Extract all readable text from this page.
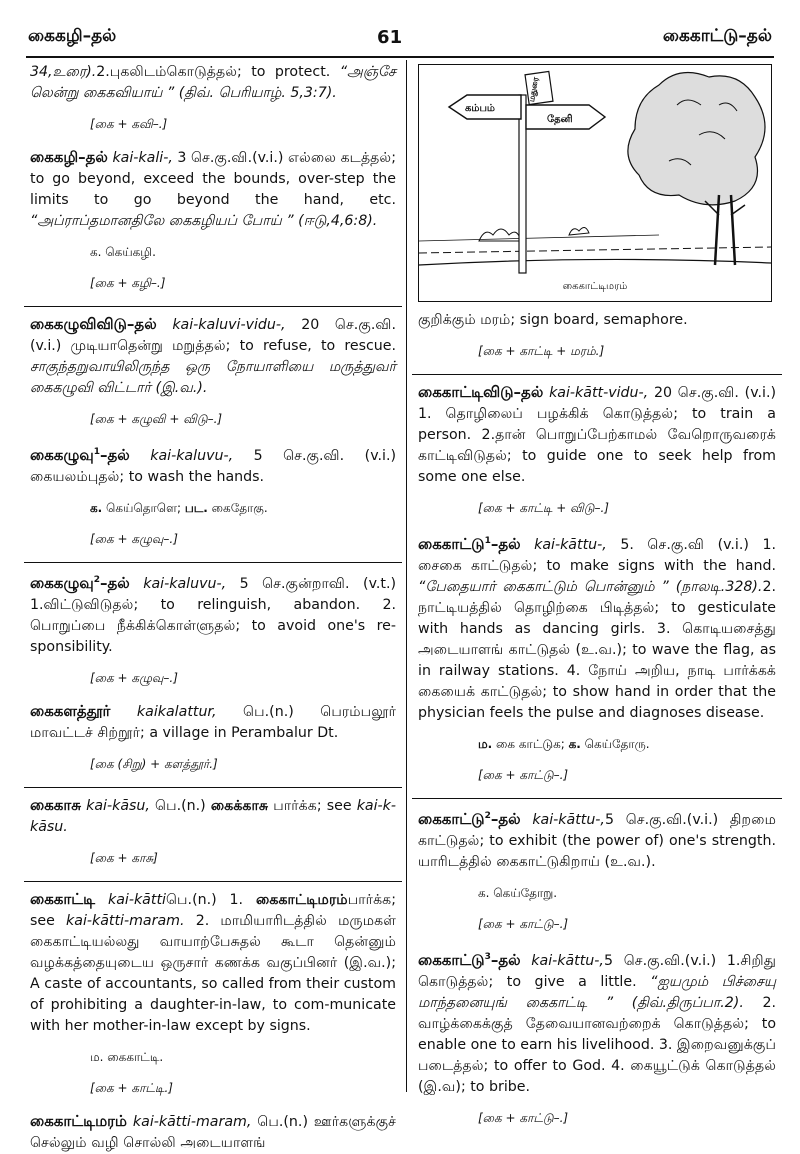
கைகழி–தல்	61	கைகாட்டு–தல்
34,உரை).2.புகலிடம்கொடுத்தல்; to protect. “அஞ்சே லென்று கைகவியாய் ” (திவ். பெரியாழ். 5,3:7).
[கை + கவி–.]
கைகழி–தல் kai-kali-, 3 செ.கு.வி.(v.i.) எல்லை கடத்தல்; to go beyond, exceed the bounds, over-step the limits to go beyond the hand, etc. “அப்ராப்தமானதிலே கைகழியப் போய் ” (ஈடு,4,6:8).
க. கெய்கழி.
[கை + கழி–.]
கைகழுவிவிடு–தல் kai-kaluvi-vidu-, 20 செ.கு.வி. (v.i.) முடியாதென்று மறுத்தல்; to refuse, to rescue. சாகுந்தறுவாயிலிருந்த ஒரு நோயாளியை மருத்துவர் கைகழுவி விட்டார் (இ.வ.).
[கை + கழுவி + விடு–.]
கைகழுவு$^1$–தல் kai-kaluvu-, 5 செ.கு.வி. (v.i.) கையலம்புதல்; to wash the hands.
க. கெய்தொளெ; பட. கைதோகு.
[கை + கழுவு–.]
கைகழுவு$^2$–தல் kai-kaluvu-, 5 செ.குன்றாவி. (v.t.) 1.விட்டுவிடுதல்; to relinguish, abandon. 2. பொறுப்பை நீக்கிக்கொள்ளுதல்; to avoid one's re-sponsibility.
[கை + கழுவு–.]
கைகளத்தூர் kaikalattur, பெ.(n.) பெரம்பலூர் மாவட்டச் சிற்றூர்; a village in Perambalur Dt.
[கை (சிறு) + களத்தூர்.]
கைகாசு kai-kāsu, பெ.(n.) கைக்காசு பார்க்க; see kai-k-kāsu.
[கை + காசு]
கைகாட்டி kai-kāttiபெ.(n.) 1. கைகாட்டிமரம்பார்க்க; see kai-kātti-maram. 2. மாமியாரிடத்தில் மருமகள் கைகாட்டியல்லது வாயாற்பேசுதல் கூடா தென்னும் வழக்கத்தையுடைய ஒருசார் கணக்க வகுப்பினர் (இ.வ.); A caste of accountants, so called from their custom of prohibiting a daughter-in-law, to com-municate with her mother-in-law except by signs.
ம. கைகாட்டி.
[கை + காட்டி.]
கைகாட்டிமரம் kai-kātti-maram, பெ.(n.) ஊர்களுக்குச் செல்லும் வழி சொல்லி அடையாளங்
கம்பம்
மதுரை
தேனி
கைகாட்டிமரம்
குறிக்கும் மரம்; sign board, semaphore.
[கை + காட்டி + மரம்.]
கைகாட்டிவிடு–தல் kai-kātt-vidu-, 20 செ.கு.வி. (v.i.) 1. தொழிலைப் பழக்கிக் கொடுத்தல்; to train a person. 2.தான் பொறுப்பேற்காமல் வேறொருவரைக் காட்டிவிடுதல்; to guide one to seek help from some one else.
[கை + காட்டி + விடு–.]
கைகாட்டு$^1$–தல் kai-kāttu-, 5. செ.கு.வி (v.i.) 1. சைகை காட்டுதல்; to make signs with the hand. “பேதையார் கைகாட்டும் பொன்னும் ” (நாலடி.328).2. நாட்டியத்தில் தொழிற்கை பிடித்தல்; to gesticulate with hands as dancing girls. 3. கொடியசைத்து அடையாளங் காட்டுதல் (உ.வ.); to wave the flag, as in railway stations. 4. நோய் அறிய, நாடி பார்க்கக் கையைக் காட்டுதல்; to show hand in order that the physician feels the pulse and diagnoses disease.
ம. கை காட்டுக; க. கெய்தோரு.
[கை + காட்டு–.]
கைகாட்டு$^2$–தல் kai-kāttu-,5 செ.கு.வி.(v.i.) திறமை காட்டுதல்; to exhibit (the power of) one's strength. யாரிடத்தில் கைகாட்டுகிறாய் (உ.வ.).
க. கெய்தோறு.
[கை + காட்டு–.]
கைகாட்டு$^3$–தல் kai-kāttu-,5 செ.கு.வி.(v.i.) 1.சிறிது கொடுத்தல்; to give a little. “ஐயமும் பிச்சையு மாந்தனையுங் கைகாட்டி ” (திவ்.திருப்பா.2). 2. வாழ்க்கைக்குத் தேவையானவற்றைக் கொடுத்தல்; to enable one to earn his livelihood. 3. இறைவனுக்குப் படைத்தல்; to offer to God. 4. கையூட்டுக் கொடுத்தல் (இ.வ); to bribe.
[கை + காட்டு–.]
